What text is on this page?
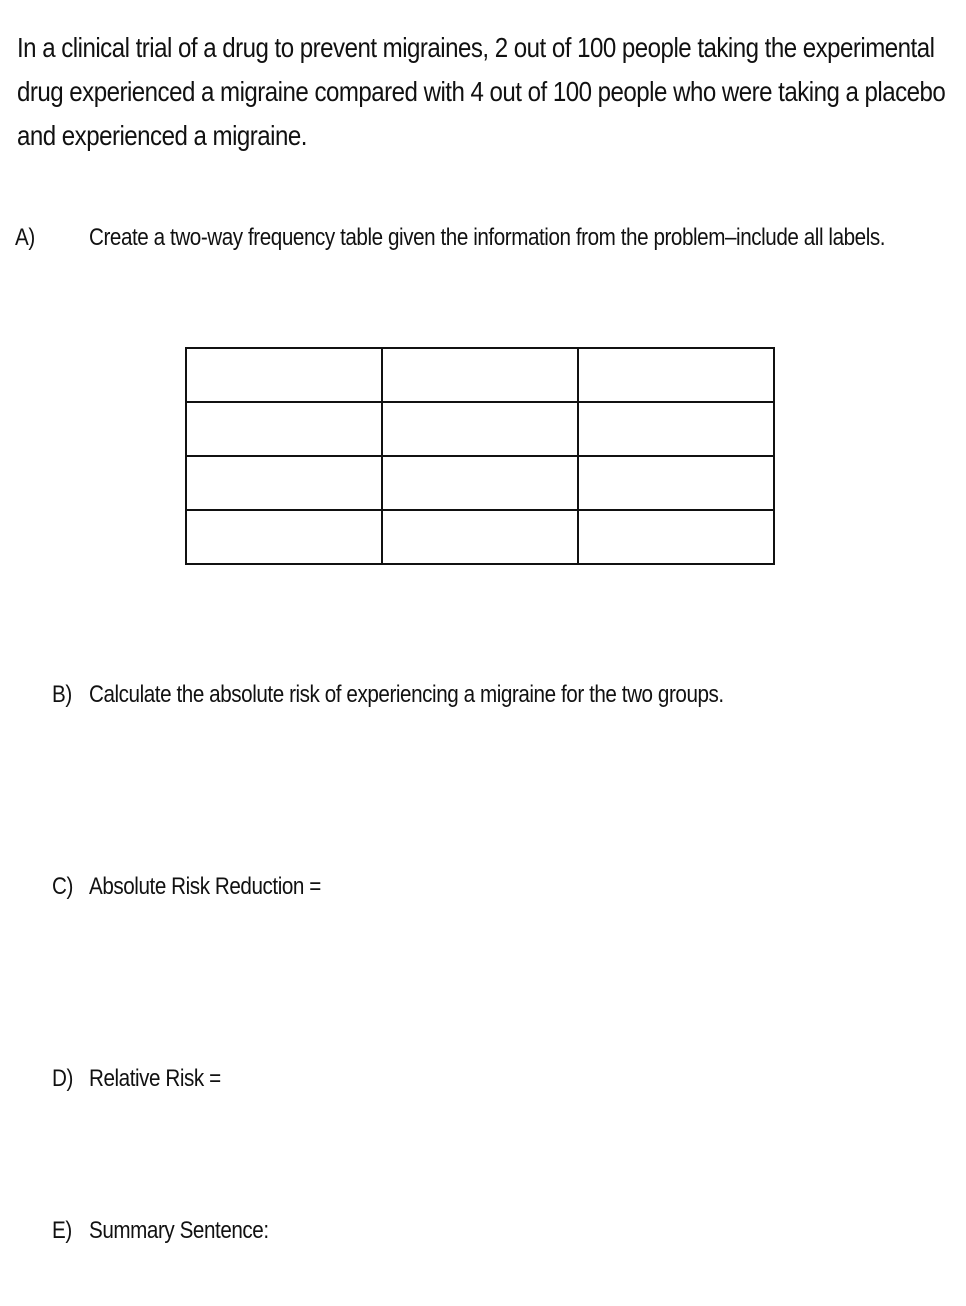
In a clinical trial of a drug to prevent migraines, 2 out of 100 people taking the experimental drug experienced a migraine compared with 4 out of 100 people who were taking a placebo and experienced a migraine.
A) Create a two-way frequency table given the information from the problem–include all labels.

B) Calculate the absolute risk of experiencing a migraine for the two groups.
C) Absolute Risk Reduction =
D) Relative Risk =
E) Summary Sentence:
